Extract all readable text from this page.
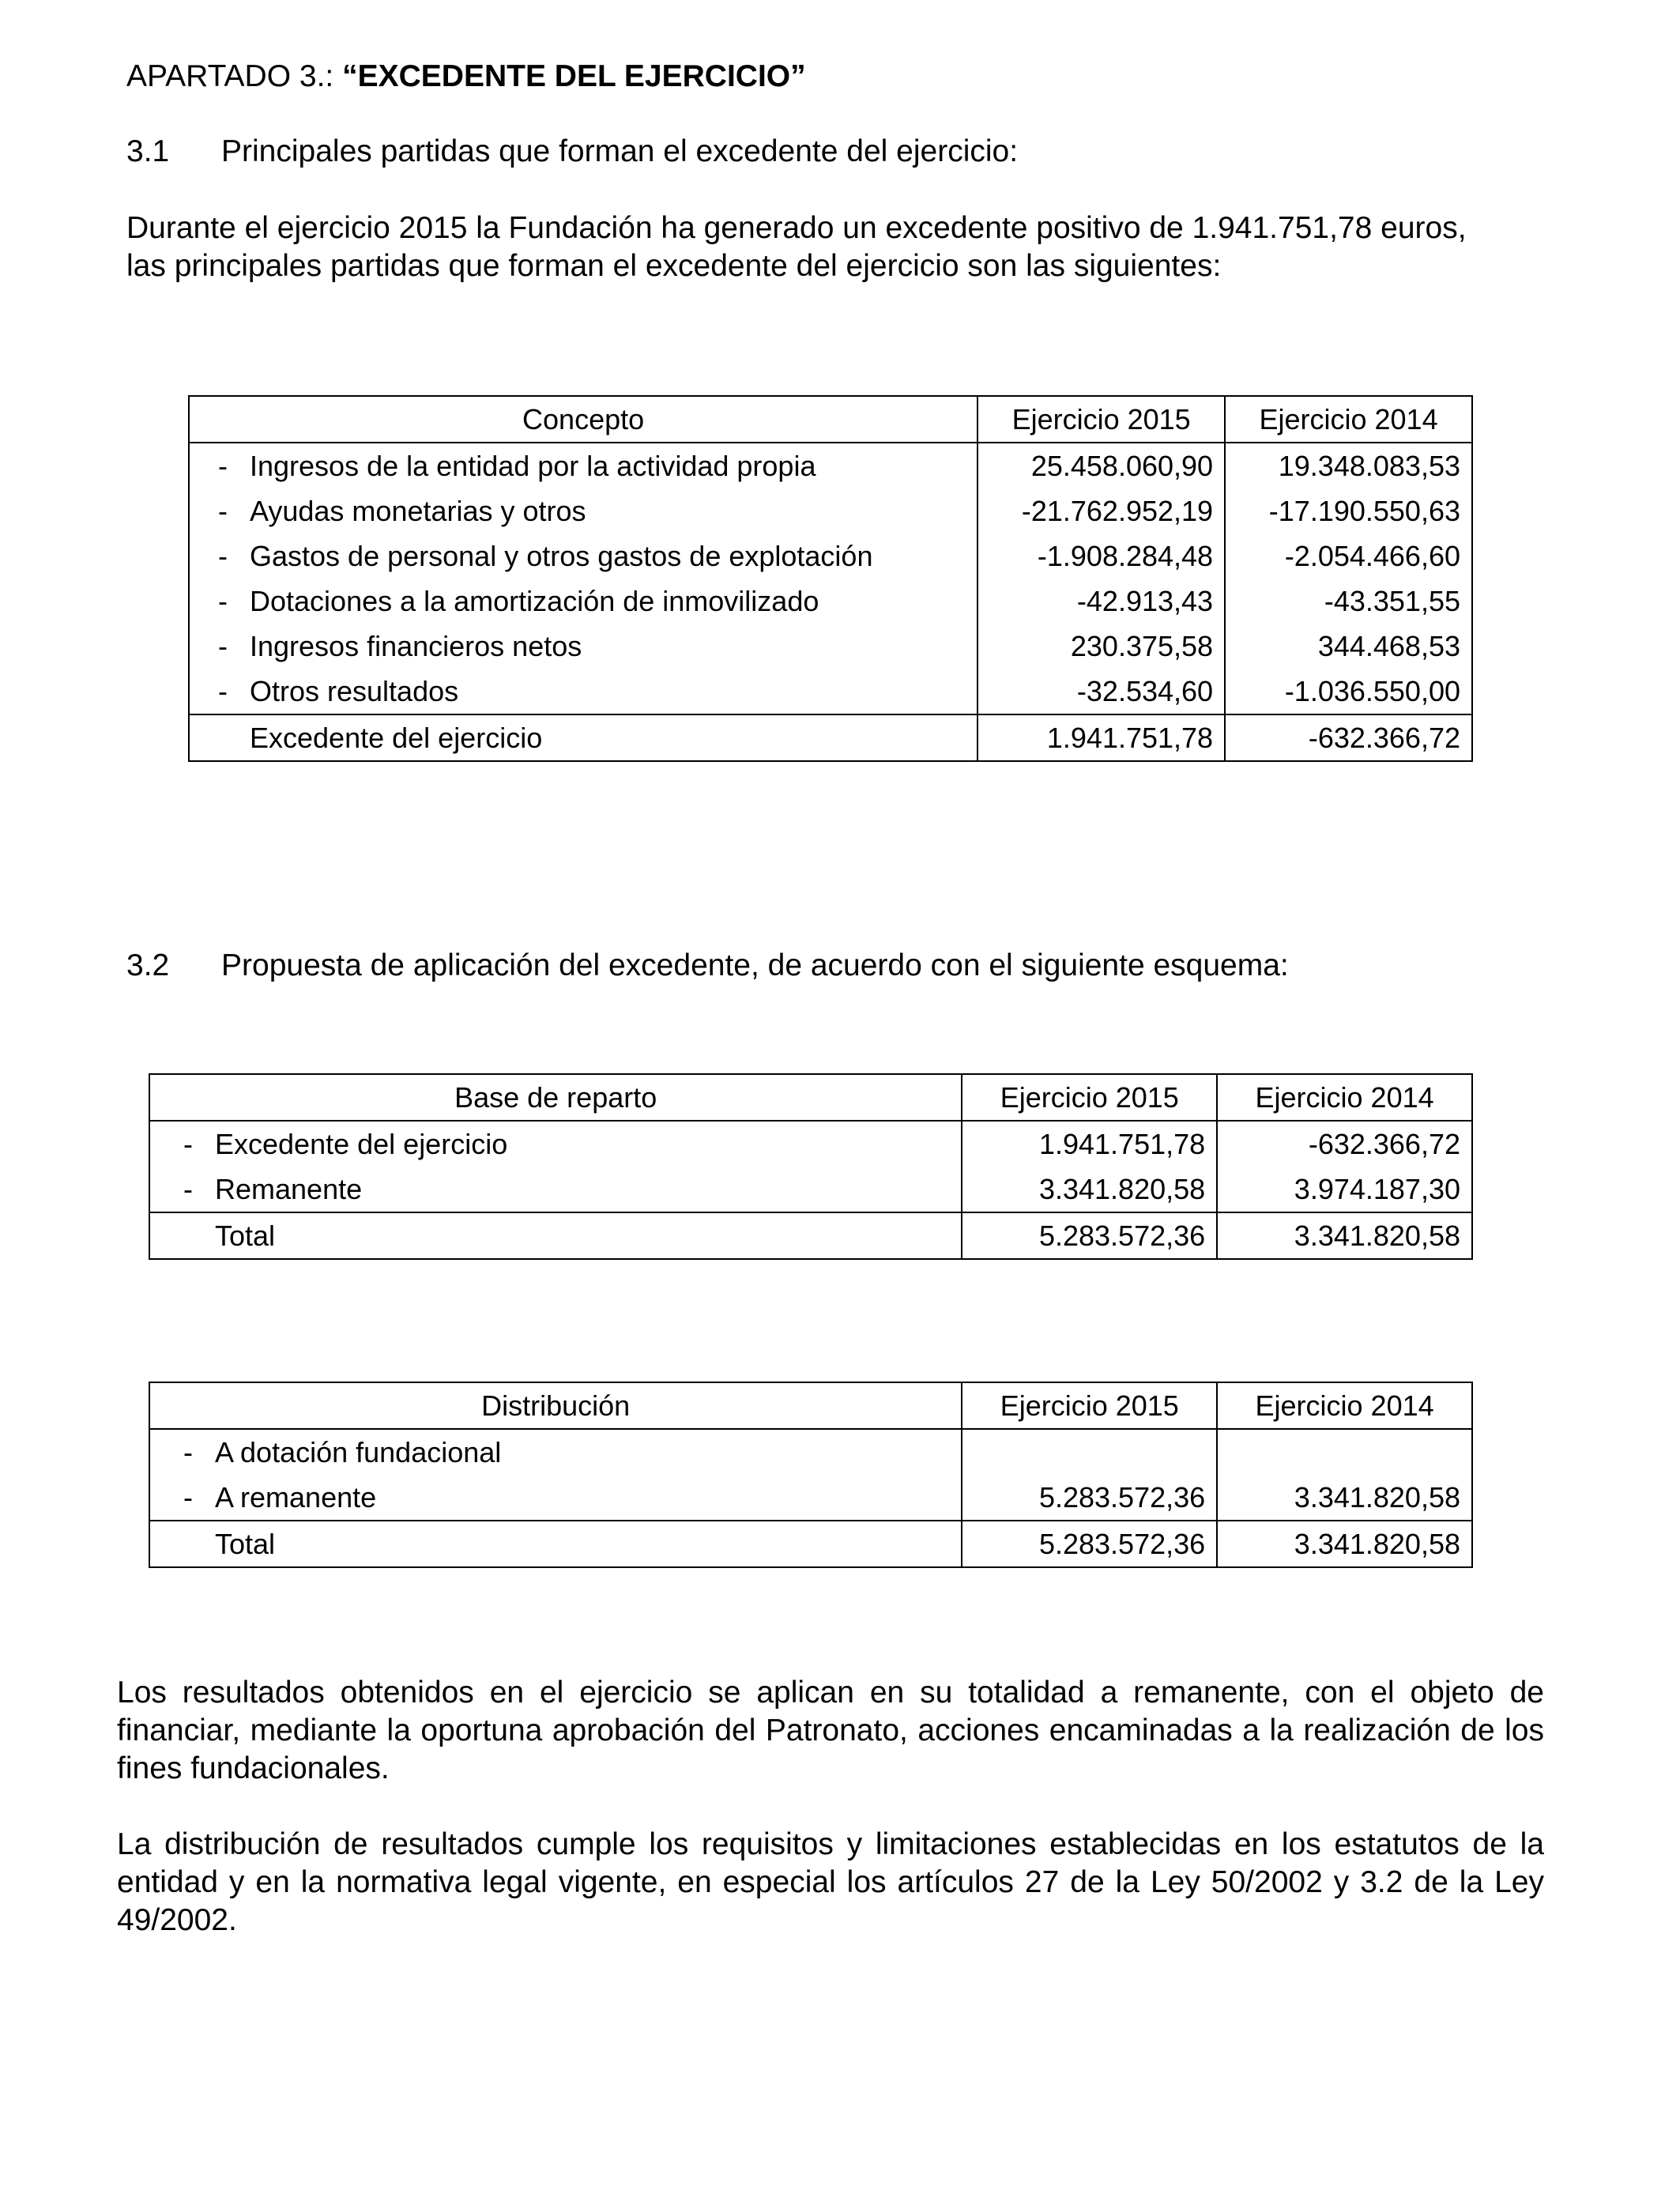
APARTADO 3.: “EXCEDENTE DEL EJERCICIO”
3.1 Principales partidas que forman el excedente del ejercicio:
Durante el ejercicio 2015 la Fundación ha generado un excedente positivo de 1.941.751,78 euros,
las principales partidas que forman el excedente del ejercicio son las siguientes:
Concepto	Ejercicio 2015	Ejercicio 2014
- Ingresos de la entidad por la actividad propia	25.458.060,90	19.348.083,53
- Ayudas monetarias y otros	-21.762.952,19	-17.190.550,63
- Gastos de personal y otros gastos de explotación	-1.908.284,48	-2.054.466,60
- Dotaciones a la amortización de inmovilizado	-42.913,43	-43.351,55
- Ingresos financieros netos	230.375,58	344.468,53
- Otros resultados	-32.534,60	-1.036.550,00
Excedente del ejercicio	1.941.751,78	-632.366,72
3.2 Propuesta de aplicación del excedente, de acuerdo con el siguiente esquema:
Base de reparto	Ejercicio 2015	Ejercicio 2014
- Excedente del ejercicio	1.941.751,78	-632.366,72
- Remanente	3.341.820,58	3.974.187,30
Total	5.283.572,36	3.341.820,58
Distribución	Ejercicio 2015	Ejercicio 2014
- A dotación fundacional		
- A remanente	5.283.572,36	3.341.820,58
Total	5.283.572,36	3.341.820,58
Los resultados obtenidos en el ejercicio se aplican en su totalidad a remanente, con el objeto de financiar, mediante la oportuna aprobación del Patronato, acciones encaminadas a la realización de los fines fundacionales.
La distribución de resultados cumple los requisitos y limitaciones establecidas en los estatutos de la entidad y en la normativa legal vigente, en especial los artículos 27 de la Ley 50/2002 y 3.2 de la Ley 49/2002.
